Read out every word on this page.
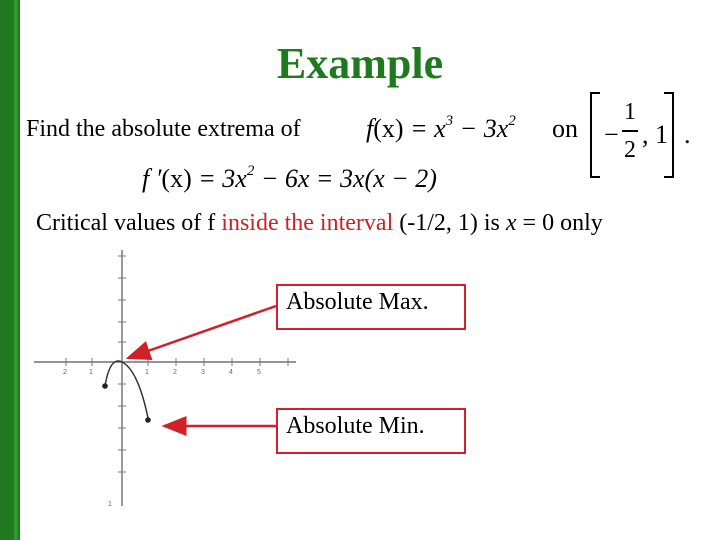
Example
Find the absolute extrema of	$f(x) = x^3 - 3x^2$ on −
1
2
, 1 .
f $'(x) = 3x^2 - 6x = 3x(x - 2)$
Critical values of f inside the interval (-1/2, 1) is x = 0 only
2	1	1	2	3	4	5
1
Absolute Max.
Absolute Min.
